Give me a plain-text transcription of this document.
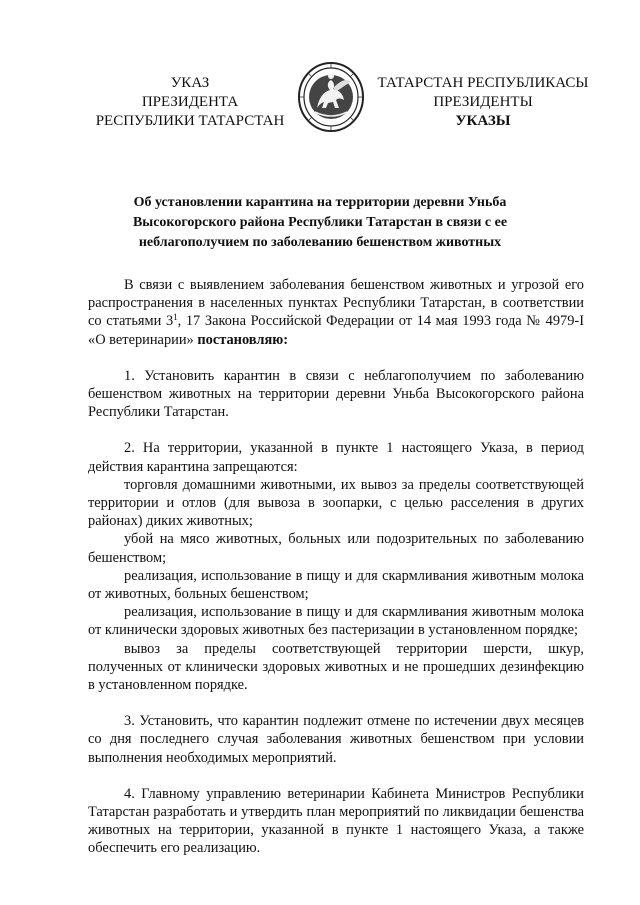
УКАЗ
ПРЕЗИДЕНТА
РЕСПУБЛИКИ ТАТАРСТАН
ТАТАРСТАН РЕСПУБЛИКАСЫ
ПРЕЗИДЕНТЫ
УКАЗЫ
Об установлении карантина на территории деревни Уньба
Высокогорского района Республики Татарстан в связи с ее
неблагополучием по заболеванию бешенством животных

В связи с выявлением заболевания бешенством животных и угрозой его распространения в населенных пунктах Республики Татарстан, в соответствии со статьями $3^1$, 17 Закона Российской Федерации от 14 мая 1993 года № 4979-I «О ветеринарии» постановляю:

1. Установить карантин в связи с неблагополучием по заболеванию бешенством животных на территории деревни Уньба Высокогорского района Республики Татарстан.

2. На территории, указанной в пункте 1 настоящего Указа, в период действия карантина запрещаются:

торговля домашними животными, их вывоз за пределы соответствующей территории и отлов (для вывоза в зоопарки, с целью расселения в других районах) диких животных;

убой на мясо животных, больных или подозрительных по заболеванию бешенством;

реализация, использование в пищу и для скармливания животным молока от животных, больных бешенством;

реализация, использование в пищу и для скармливания животным молока от клинически здоровых животных без пастеризации в установленном порядке;

вывоз за пределы соответствующей территории шерсти, шкур, полученных от клинически здоровых животных и не прошедших дезинфекцию в установленном порядке.

3. Установить, что карантин подлежит отмене по истечении двух месяцев со дня последнего случая заболевания животных бешенством при условии выполнения необходимых мероприятий.

4. Главному управлению ветеринарии Кабинета Министров Республики Татарстан разработать и утвердить план мероприятий по ликвидации бешенства животных на территории, указанной в пункте 1 настоящего Указа, а также обеспечить его реализацию.
